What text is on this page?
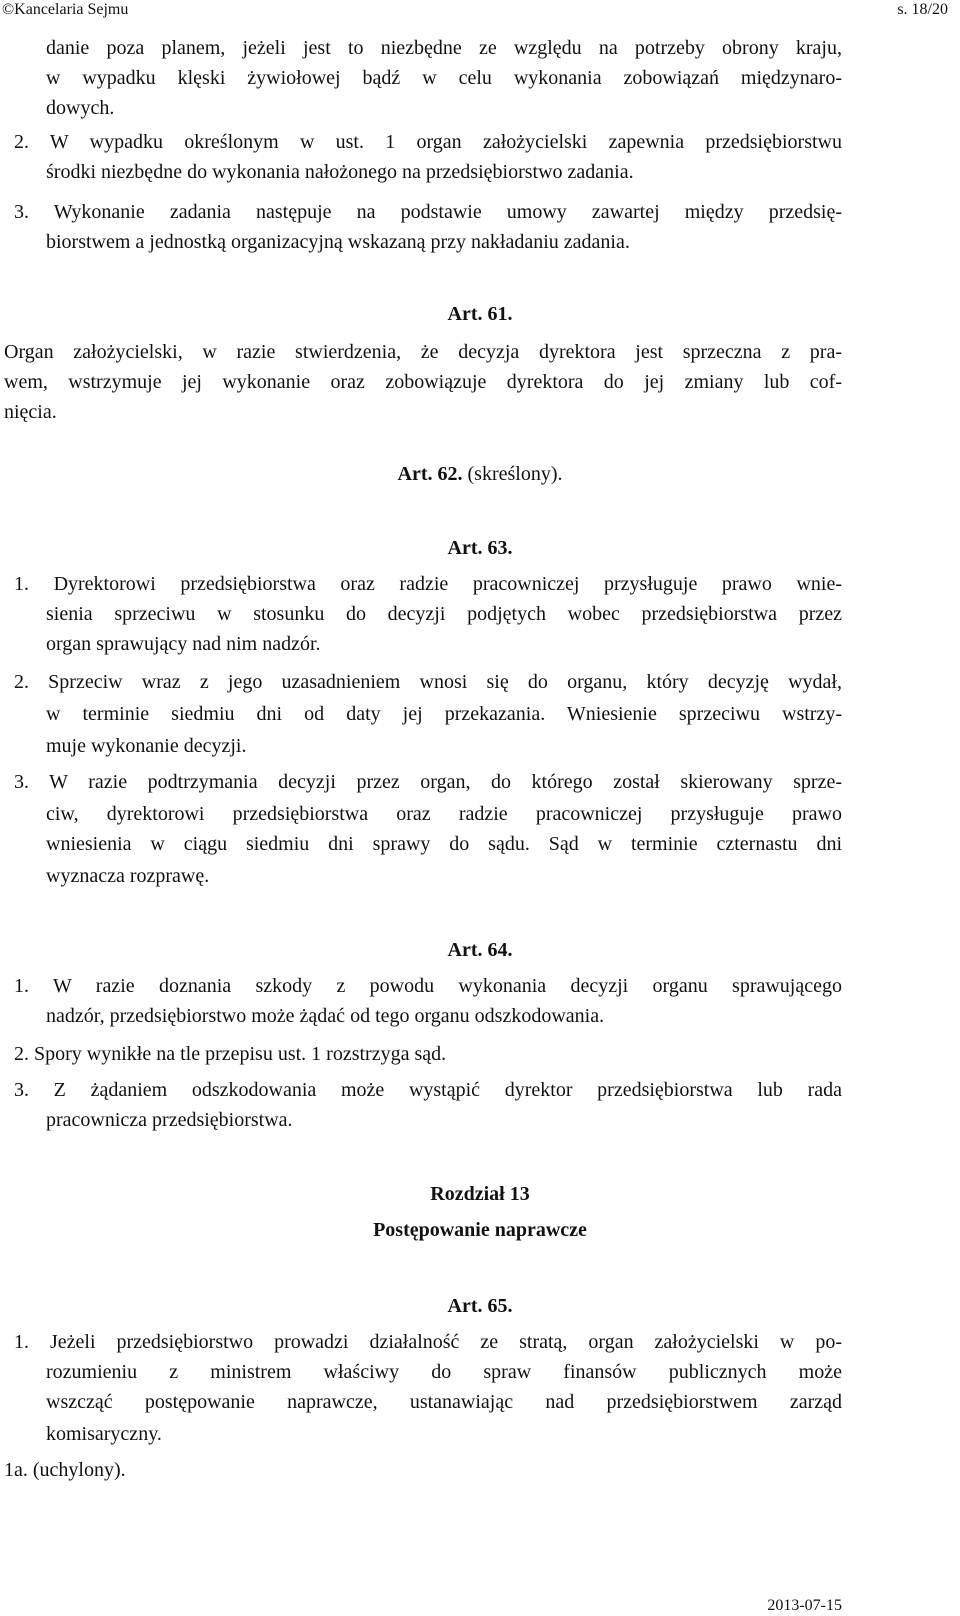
©Kancelaria Sejmu	s. 18/20
danie poza planem, jeżeli jest to niezbędne ze względu na potrzeby obrony kraju,
w wypadku klęski żywiołowej bądź w celu wykonania zobowiązań międzynaro-
dowych.
2. W wypadku określonym w ust. 1 organ założycielski zapewnia przedsiębiorstwu
środki niezbędne do wykonania nałożonego na przedsiębiorstwo zadania.
3. Wykonanie zadania następuje na podstawie umowy zawartej między przedsię-
biorstwem a jednostką organizacyjną wskazaną przy nakładaniu zadania.
Art. 61.
Organ założycielski, w razie stwierdzenia, że decyzja dyrektora jest sprzeczna z pra-
wem, wstrzymuje jej wykonanie oraz zobowiązuje dyrektora do jej zmiany lub cof-
nięcia.
Art. 62. (skreślony).
Art. 63.
1. Dyrektorowi przedsiębiorstwa oraz radzie pracowniczej przysługuje prawo wnie-
sienia sprzeciwu w stosunku do decyzji podjętych wobec przedsiębiorstwa przez
organ sprawujący nad nim nadzór.
2. Sprzeciw wraz z jego uzasadnieniem wnosi się do organu, który decyzję wydał,
w terminie siedmiu dni od daty jej przekazania. Wniesienie sprzeciwu wstrzy-
muje wykonanie decyzji.
3. W razie podtrzymania decyzji przez organ, do którego został skierowany sprze-
ciw, dyrektorowi przedsiębiorstwa oraz radzie pracowniczej przysługuje prawo
wniesienia w ciągu siedmiu dni sprawy do sądu. Sąd w terminie czternastu dni
wyznacza rozprawę.
Art. 64.
1. W razie doznania szkody z powodu wykonania decyzji organu sprawującego
nadzór, przedsiębiorstwo może żądać od tego organu odszkodowania.
2. Spory wynikłe na tle przepisu ust. 1 rozstrzyga sąd.
3. Z żądaniem odszkodowania może wystąpić dyrektor przedsiębiorstwa lub rada
pracownicza przedsiębiorstwa.
Rozdział 13
Postępowanie naprawcze
Art. 65.
1. Jeżeli przedsiębiorstwo prowadzi działalność ze stratą, organ założycielski w po-
rozumieniu z ministrem właściwy do spraw finansów publicznych może
wszcząć postępowanie naprawcze, ustanawiając nad przedsiębiorstwem zarząd
komisaryczny.
1a. (uchylony).
2013-07-15
